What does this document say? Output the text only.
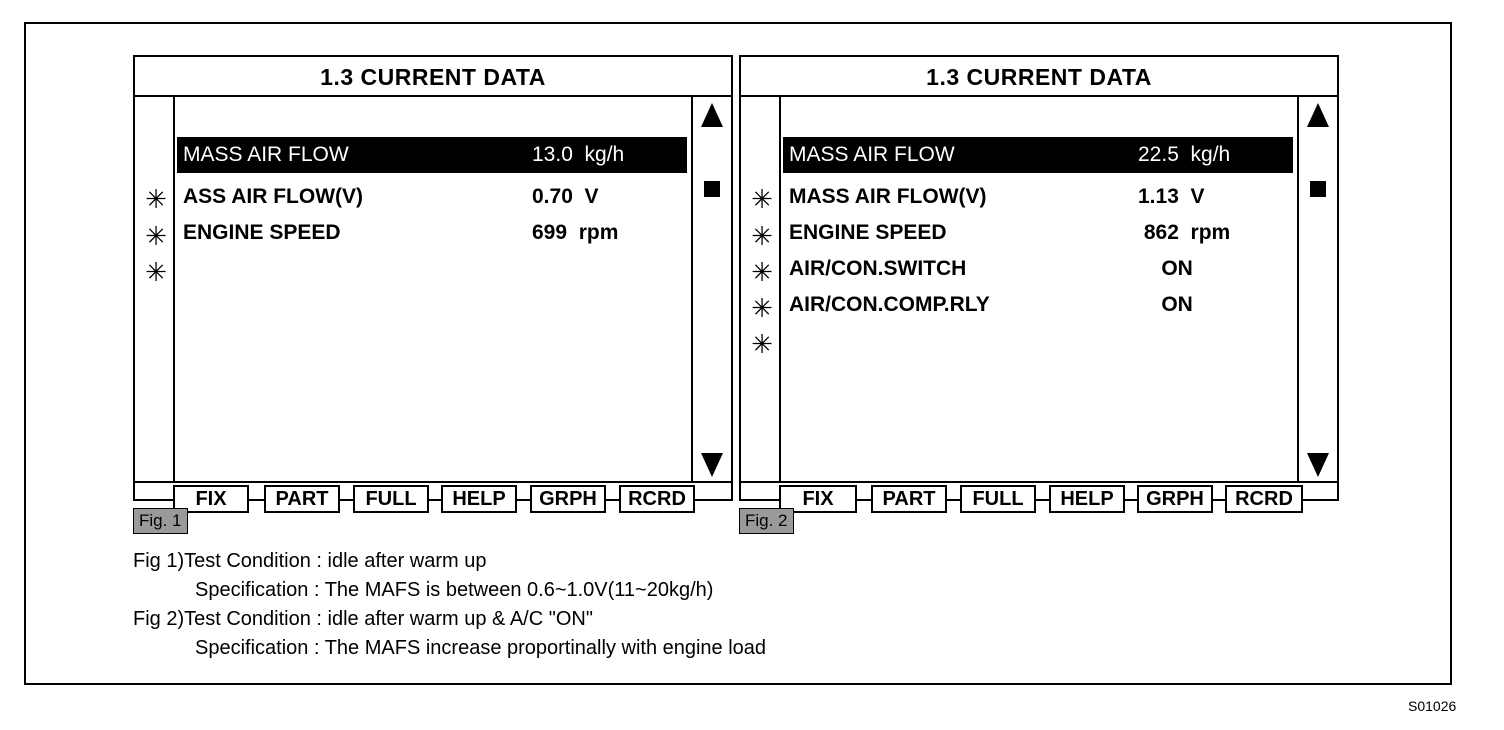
1.3 CURRENT DATA
✳
✳
✳
MASS AIR FLOW	13.0  kg/h
ASS AIR FLOW(V)	0.70  V
ENGINE SPEED	699  rpm
FIX	PART	FULL	HELP	GRPH	RCRD
1.3 CURRENT DATA
✳
✳
✳
✳
✳
MASS AIR FLOW	22.5  kg/h
MASS AIR FLOW(V)	1.13  V
ENGINE SPEED	862  rpm
AIR/CON.SWITCH	ON
AIR/CON.COMP.RLY	ON
FIX	PART	FULL	HELP	GRPH	RCRD
Fig. 1	Fig. 2
Fig 1)Test Condition : idle after warm up
Specification : The MAFS is between 0.6~1.0V(11~20kg/h)
Fig 2)Test Condition : idle after warm up & A/C "ON"
Specification : The MAFS increase proportinally with engine load
S01026
